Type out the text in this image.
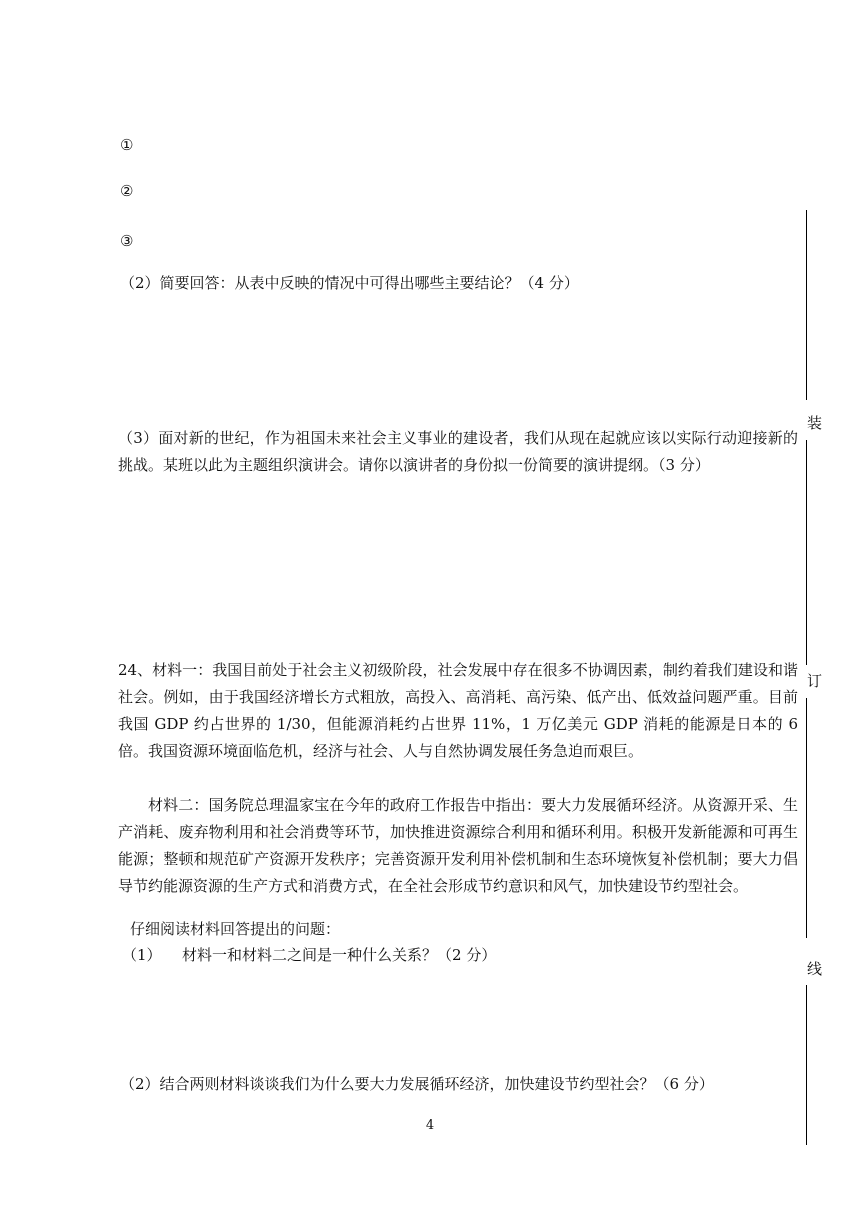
①
②
③
（2）简要回答：从表中反映的情况中可得出哪些主要结论？（4 分）
（3）面对新的世纪，作为祖国未来社会主义事业的建设者，我们从现在起就应该以实际行动迎接新的挑战。某班以此为主题组织演讲会。请你以演讲者的身份拟一份简要的演讲提纲。（3 分）
24、材料一：我国目前处于社会主义初级阶段，社会发展中存在很多不协调因素，制约着我们建设和谐社会。例如，由于我国经济增长方式粗放，高投入、高消耗、高污染、低产出、低效益问题严重。目前我国 GDP 约占世界的 1/30，但能源消耗约占世界 11%，1 万亿美元 GDP 消耗的能源是日本的 6 倍。我国资源环境面临危机，经济与社会、人与自然协调发展任务急迫而艰巨。
材料二：国务院总理温家宝在今年的政府工作报告中指出：要大力发展循环经济。从资源开采、生产消耗、废弃物利用和社会消费等环节，加快推进资源综合利用和循环利用。积极开发新能源和可再生能源；整顿和规范矿产资源开发秩序；完善资源开发利用补偿机制和生态环境恢复补偿机制；要大力倡导节约能源资源的生产方式和消费方式，在全社会形成节约意识和风气，加快建设节约型社会。
仔细阅读材料回答提出的问题：
（1） 材料一和材料二之间是一种什么关系？（2 分）
（2）结合两则材料谈谈我们为什么要大力发展循环经济，加快建设节约型社会？（6 分）
4
装
订
线
